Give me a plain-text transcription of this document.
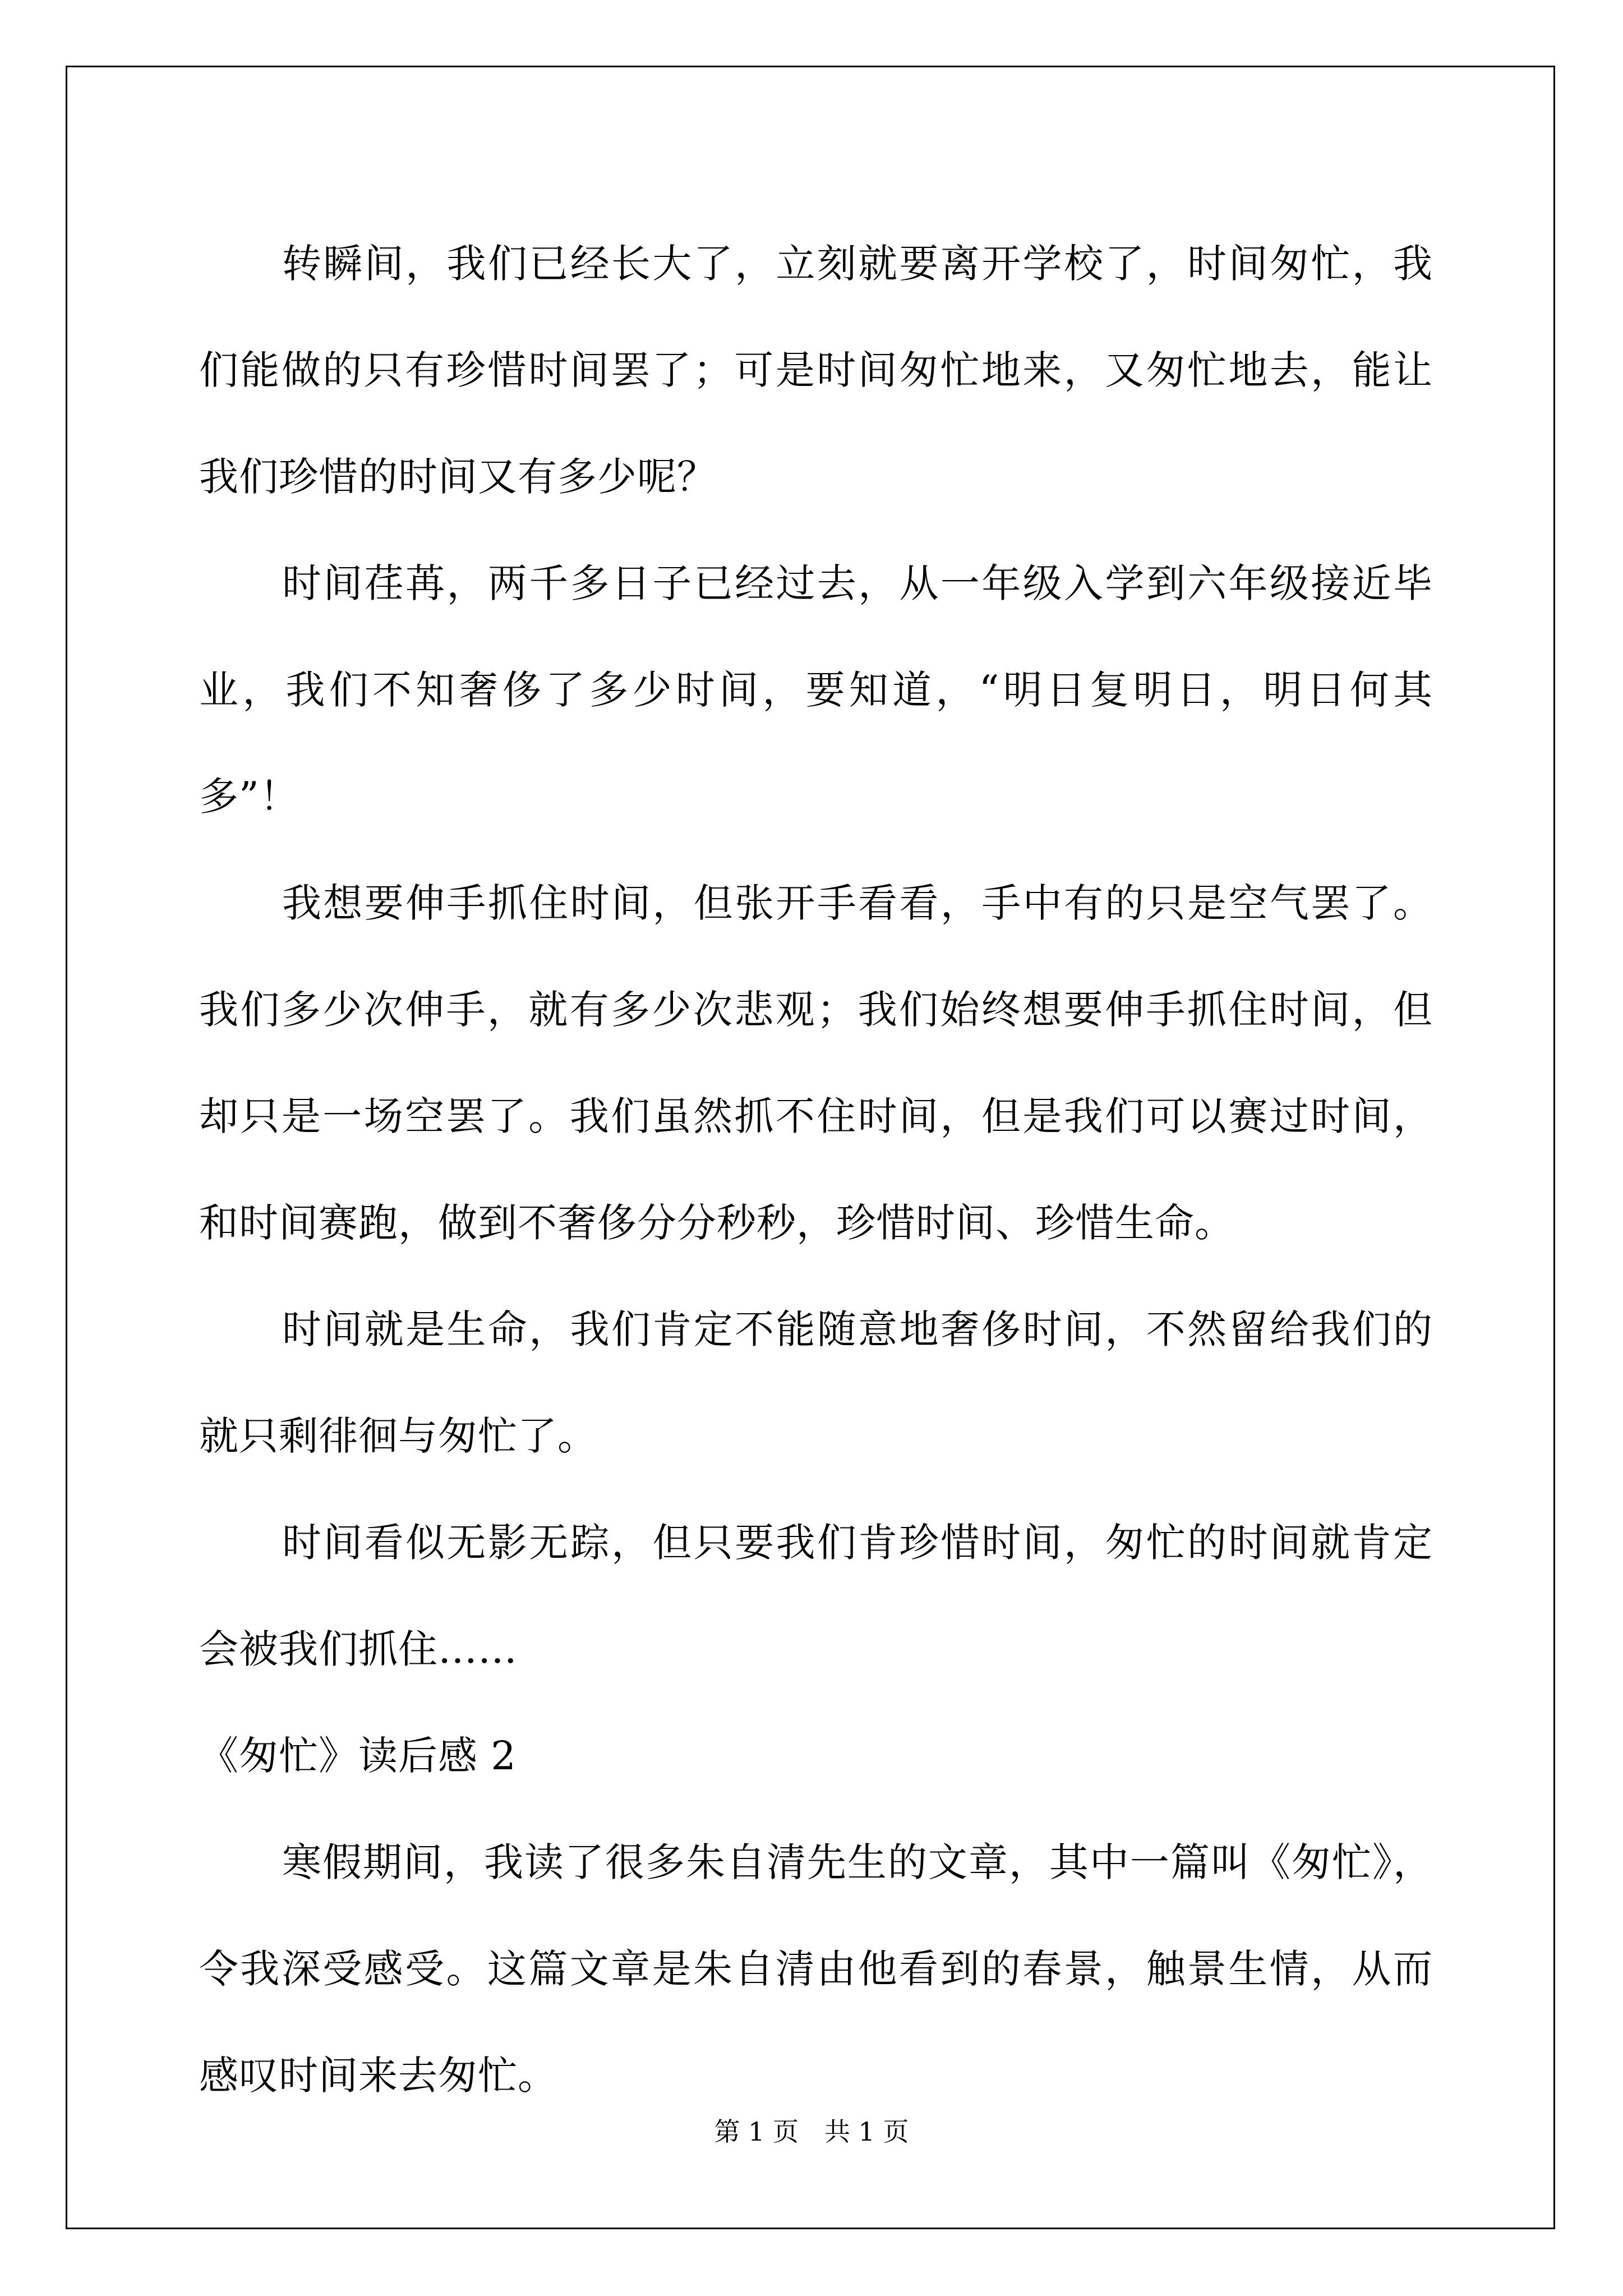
转瞬间，我们已经长大了，立刻就要离开学校了，时间匆忙，我们能做的只有珍惜时间罢了；可是时间匆忙地来，又匆忙地去，能让我们珍惜的时间又有多少呢？

时间荏苒，两千多日子已经过去，从一年级入学到六年级接近毕业，我们不知奢侈了多少时间，要知道，“明日复明日，明日何其多”！

我想要伸手抓住时间，但张开手看看，手中有的只是空气罢了。我们多少次伸手，就有多少次悲观；我们始终想要伸手抓住时间，但却只是一场空罢了。我们虽然抓不住时间，但是我们可以赛过时间，和时间赛跑，做到不奢侈分分秒秒，珍惜时间、珍惜生命。

时间就是生命，我们肯定不能随意地奢侈时间，不然留给我们的就只剩徘徊与匆忙了。

时间看似无影无踪，但只要我们肯珍惜时间，匆忙的时间就肯定会被我们抓住……

《匆忙》读后感 2

寒假期间，我读了很多朱自清先生的文章，其中一篇叫《匆忙》，令我深受感受。这篇文章是朱自清由他看到的春景，触景生情，从而感叹时间来去匆忙。

第 1 页　共 1 页
